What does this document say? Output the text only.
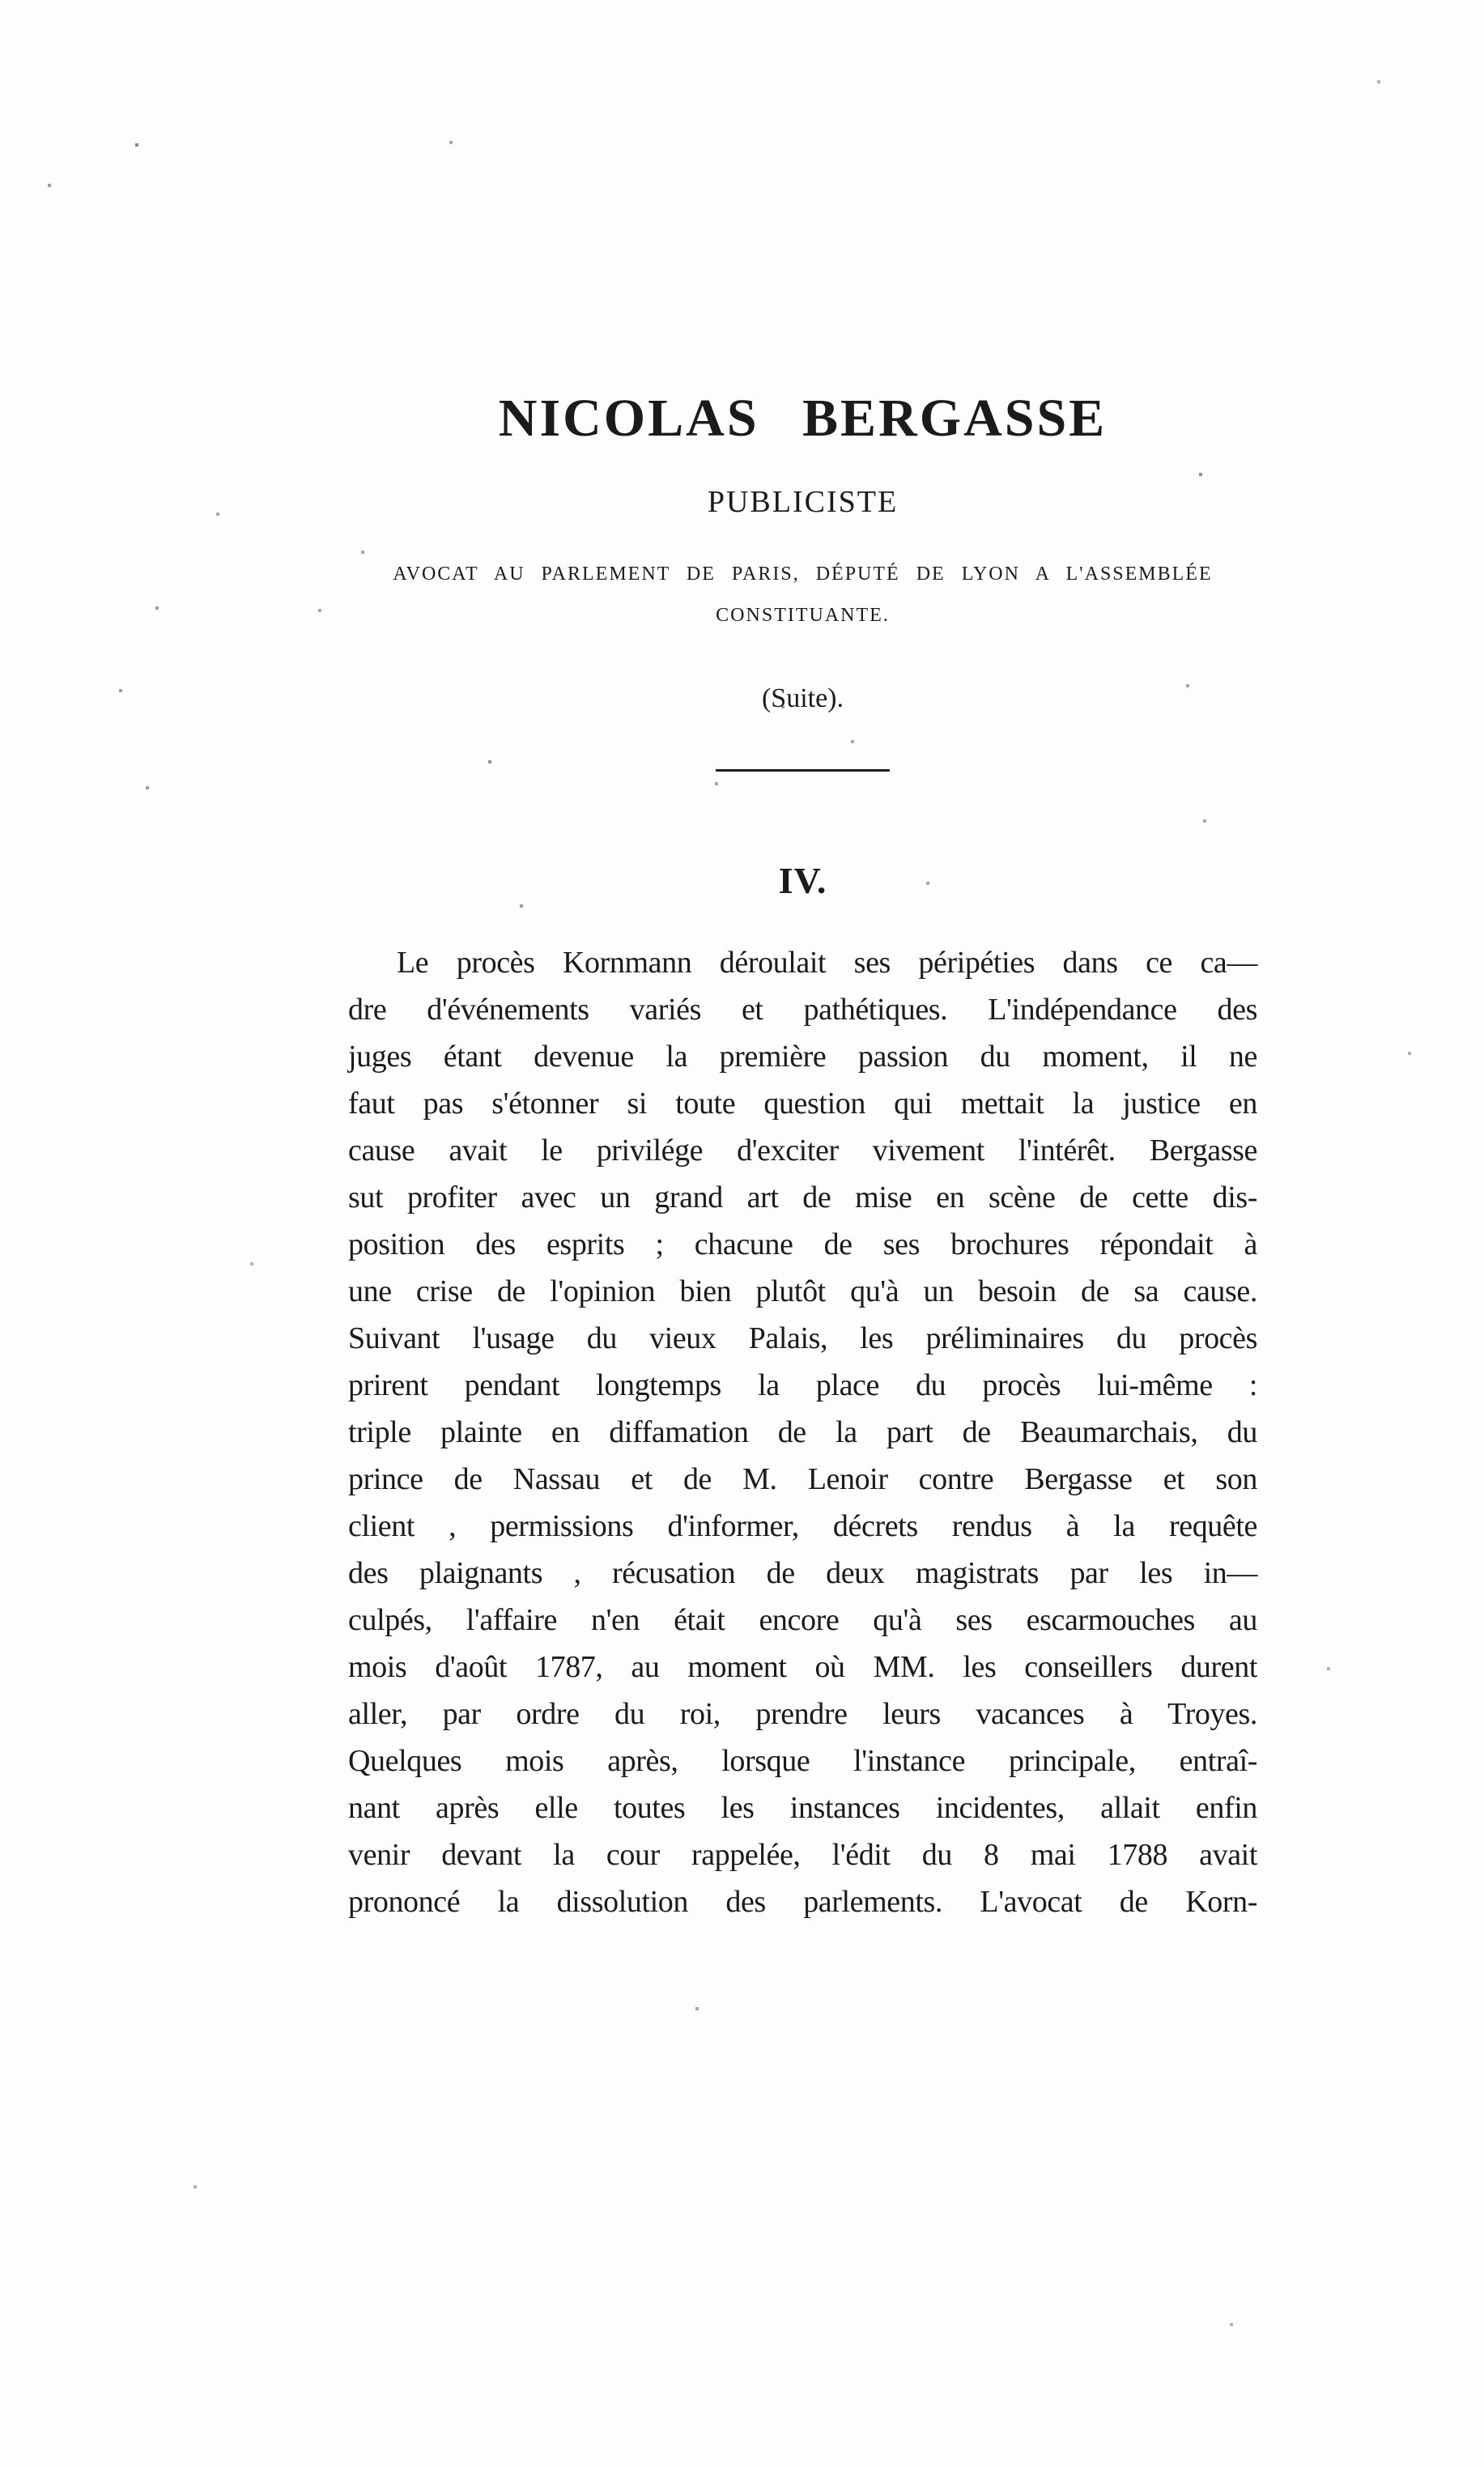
NICOLAS BERGASSE
PUBLICISTE
AVOCAT AU PARLEMENT DE PARIS, DÉPUTÉ DE LYON A L'ASSEMBLÉE
CONSTITUANTE.
(Suite).
IV.
Le procès Kornmann déroulait ses péripéties dans ce ca—
dre d'événements variés et pathétiques. L'indépendance des
juges étant devenue la première passion du moment, il ne
faut pas s'étonner si toute question qui mettait la justice en
cause avait le privilége d'exciter vivement l'intérêt. Bergasse
sut profiter avec un grand art de mise en scène de cette dis-
position des esprits ; chacune de ses brochures répondait à
une crise de l'opinion bien plutôt qu'à un besoin de sa cause.
Suivant l'usage du vieux Palais, les préliminaires du procès
prirent pendant longtemps la place du procès lui-même :
triple plainte en diffamation de la part de Beaumarchais, du
prince de Nassau et de M. Lenoir contre Bergasse et son
client , permissions d'informer, décrets rendus à la requête
des plaignants , récusation de deux magistrats par les in—
culpés, l'affaire n'en était encore qu'à ses escarmouches au
mois d'août 1787, au moment où MM. les conseillers durent
aller, par ordre du roi, prendre leurs vacances à Troyes.
Quelques mois après, lorsque l'instance principale, entraî-
nant après elle toutes les instances incidentes, allait enfin
venir devant la cour rappelée, l'édit du 8 mai 1788 avait
prononcé la dissolution des parlements. L'avocat de Korn-
